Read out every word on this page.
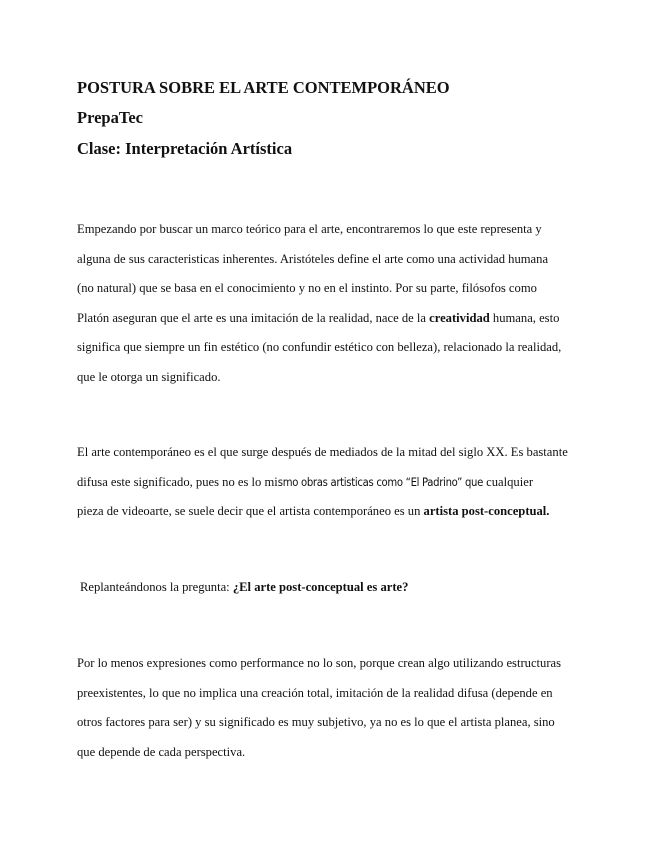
POSTURA SOBRE EL ARTE CONTEMPORÁNEO
PrepaTec
Clase: Interpretación Artística

Empezando por buscar un marco teórico para el arte, encontraremos lo que este representa y
alguna de sus caracteristicas inherentes. Aristóteles define el arte como una actividad humana
(no natural) que se basa en el conocimiento y no en el instinto. Por su parte, filósofos como
Platón aseguran que el arte es una imitación de la realidad, nace de la creatividad humana, esto
significa que siempre un fin estético (no confundir estético con belleza), relacionado la realidad,
que le otorga un significado.

El arte contemporáneo es el que surge después de mediados de la mitad del siglo XX. Es bastante
difusa este significado, pues no es lo mismo obras artisticas como “El Padrino” que cualquier
pieza de videoarte, se suele decir que el artista contemporáneo es un artista post-conceptual.

Replanteándonos la pregunta: ¿El arte post-conceptual es arte?

Por lo menos expresiones como performance no lo son, porque crean algo utilizando estructuras
preexistentes, lo que no implica una creación total, imitación de la realidad difusa (depende en
otros factores para ser) y su significado es muy subjetivo, ya no es lo que el artista planea, sino
que depende de cada perspectiva.
